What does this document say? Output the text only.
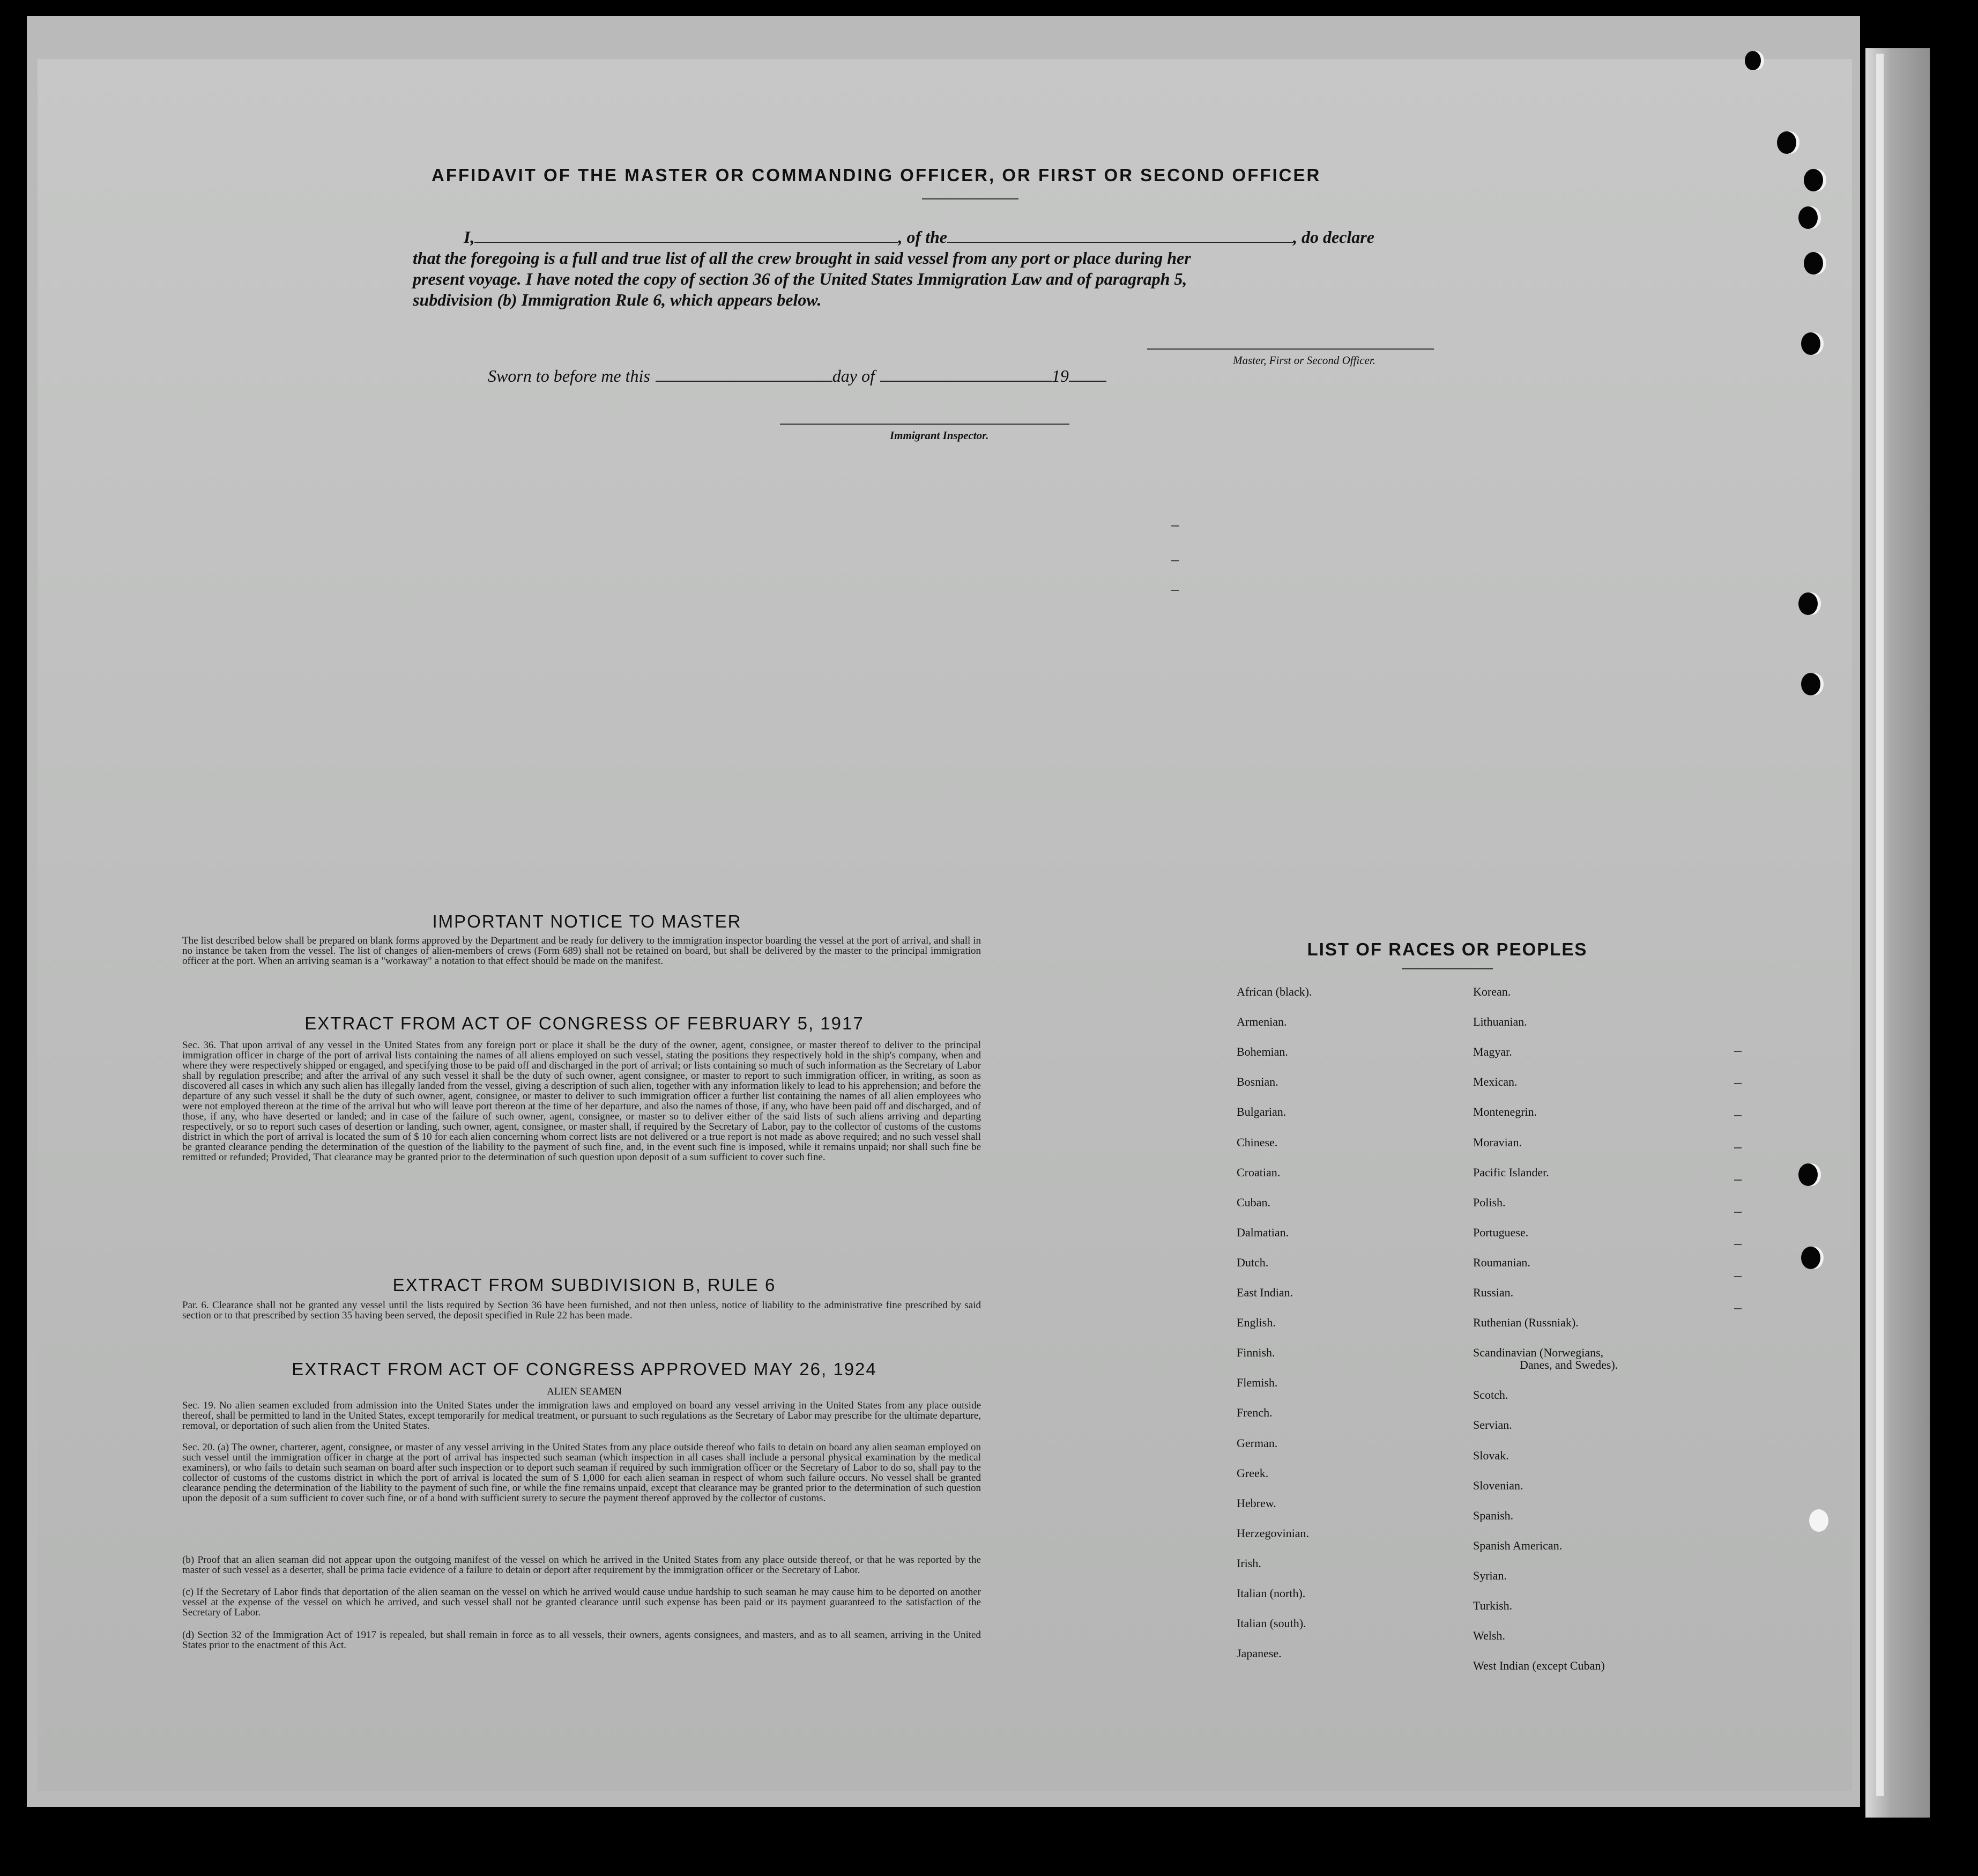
AFFIDAVIT OF THE MASTER OR COMMANDING OFFICER, OR FIRST OR SECOND OFFICER
I,	, of the	, do declare
that the foregoing is a full and true list of all the crew brought in said vessel from any port or place during her
present voyage. I have noted the copy of section 36 of the United States Immigration Law and of paragraph 5,
subdivision (b) Immigration Rule 6, which appears below.
Master, First or Second Officer.
Sworn to before me this	day of	19
Immigrant Inspector.
IMPORTANT NOTICE TO MASTER
The list described below shall be prepared on blank forms approved by the Department and be ready for delivery to the immigration inspector boarding the vessel at the port of arrival, and shall in no instance be taken from the vessel. The list of changes of alien-members of crews (Form 689) shall not be retained on board, but shall be delivered by the master to the principal immigration officer at the port. When an arriving seaman is a "workaway" a notation to that effect should be made on the manifest.
EXTRACT FROM ACT OF CONGRESS OF FEBRUARY 5, 1917
Sec. 36. That upon arrival of any vessel in the United States from any foreign port or place it shall be the duty of the owner, agent, consignee, or master thereof to deliver to the principal immigration officer in charge of the port of arrival lists containing the names of all aliens employed on such vessel, stating the positions they respectively hold in the ship's company, when and where they were respectively shipped or engaged, and specifying those to be paid off and discharged in the port of arrival; or lists containing so much of such information as the Secretary of Labor shall by regulation prescribe; and after the arrival of any such vessel it shall be the duty of such owner, agent consignee, or master to report to such immigration officer, in writing, as soon as discovered all cases in which any such alien has illegally landed from the vessel, giving a description of such alien, together with any information likely to lead to his apprehension; and before the departure of any such vessel it shall be the duty of such owner, agent, consignee, or master to deliver to such immigration officer a further list containing the names of all alien employees who were not employed thereon at the time of the arrival but who will leave port thereon at the time of her departure, and also the names of those, if any, who have been paid off and discharged, and of those, if any, who have deserted or landed; and in case of the failure of such owner, agent, consignee, or master so to deliver either of the said lists of such aliens arriving and departing respectively, or so to report such cases of desertion or landing, such owner, agent, consignee, or master shall, if required by the Secretary of Labor, pay to the collector of customs of the customs district in which the port of arrival is located the sum of $ 10 for each alien concerning whom correct lists are not delivered or a true report is not made as above required; and no such vessel shall be granted clearance pending the determination of the question of the liability to the payment of such fine, and, in the event such fine is imposed, while it remains unpaid; nor shall such fine be remitted or refunded; Provided, That clearance may be granted prior to the determination of such question upon deposit of a sum sufficient to cover such fine.
EXTRACT FROM SUBDIVISION B, RULE 6
Par. 6. Clearance shall not be granted any vessel until the lists required by Section 36 have been furnished, and not then unless, notice of liability to the administrative fine prescribed by said section or to that prescribed by section 35 having been served, the deposit specified in Rule 22 has been made.
EXTRACT FROM ACT OF CONGRESS APPROVED MAY 26, 1924
ALIEN SEAMEN
Sec. 19. No alien seamen excluded from admission into the United States under the immigration laws and employed on board any vessel arriving in the United States from any place outside thereof, shall be permitted to land in the United States, except temporarily for medical treatment, or pursuant to such regulations as the Secretary of Labor may prescribe for the ultimate departure, removal, or deportation of such alien from the United States.
Sec. 20. (a) The owner, charterer, agent, consignee, or master of any vessel arriving in the United States from any place outside thereof who fails to detain on board any alien seaman employed on such vessel until the immigration officer in charge at the port of arrival has inspected such seaman (which inspection in all cases shall include a personal physical examination by the medical examiners), or who fails to detain such seaman on board after such inspection or to deport such seaman if required by such immigration officer or the Secretary of Labor to do so, shall pay to the collector of customs of the customs district in which the port of arrival is located the sum of $ 1,000 for each alien seaman in respect of whom such failure occurs. No vessel shall be granted clearance pending the determination of the liability to the payment of such fine, or while the fine remains unpaid, except that clearance may be granted prior to the determination of such question upon the deposit of a sum sufficient to cover such fine, or of a bond with sufficient surety to secure the payment thereof approved by the collector of customs.
(b) Proof that an alien seaman did not appear upon the outgoing manifest of the vessel on which he arrived in the United States from any place outside thereof, or that he was reported by the master of such vessel as a deserter, shall be prima facie evidence of a failure to detain or deport after requirement by the immigration officer or the Secretary of Labor.
(c) If the Secretary of Labor finds that deportation of the alien seaman on the vessel on which he arrived would cause undue hardship to such seaman he may cause him to be deported on another vessel at the expense of the vessel on which he arrived, and such vessel shall not be granted clearance until such expense has been paid or its payment guaranteed to the satisfaction of the Secretary of Labor.
(d) Section 32 of the Immigration Act of 1917 is repealed, but shall remain in force as to all vessels, their owners, agents consignees, and masters, and as to all seamen, arriving in the United States prior to the enactment of this Act.
LIST OF RACES OR PEOPLES
African (black).
Armenian.
Bohemian.
Bosnian.
Bulgarian.
Chinese.
Croatian.
Cuban.
Dalmatian.
Dutch.
East Indian.
English.
Finnish.
Flemish.
French.
German.
Greek.
Hebrew.
Herzegovinian.
Irish.
Italian (north).
Italian (south).
Japanese.
Korean.
Lithuanian.
Magyar.
Mexican.
Montenegrin.
Moravian.
Pacific Islander.
Polish.
Portuguese.
Roumanian.
Russian.
Ruthenian (Russniak).
Scandinavian (Norwegians,
Scotch.
Servian.
Slovak.
Slovenian.
Spanish.
Spanish American.
Syrian.
Turkish.
Welsh.
West Indian (except Cuban)
Danes, and Swedes).
